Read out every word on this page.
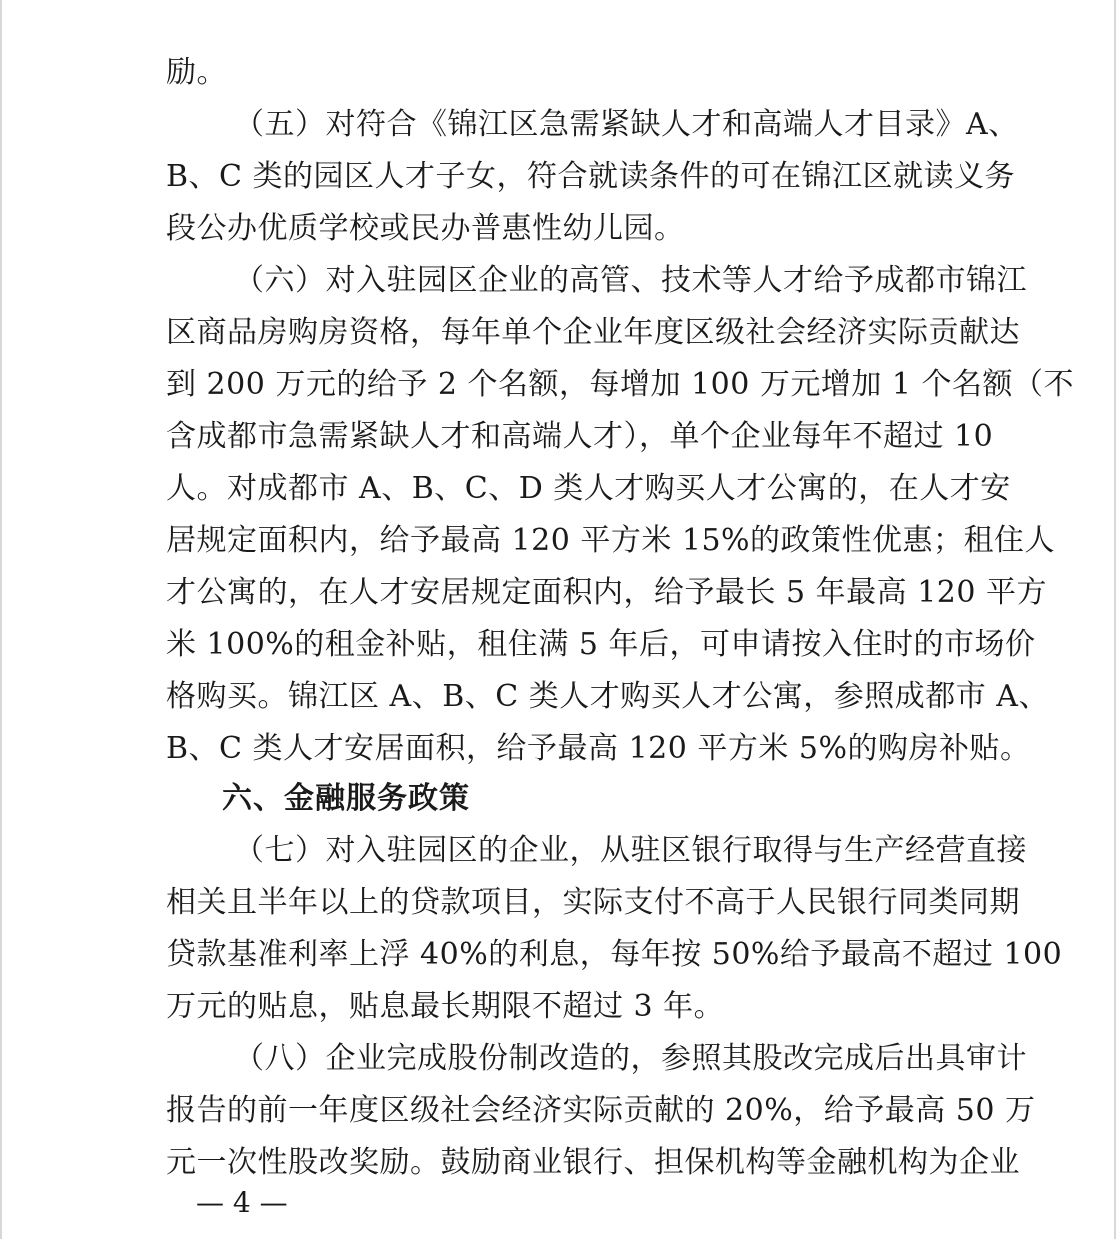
励。
（五）对符合《锦江区急需紧缺人才和高端人才目录》A、
B、C 类的园区人才子女，符合就读条件的可在锦江区就读义务
段公办优质学校或民办普惠性幼儿园。
（六）对入驻园区企业的高管、技术等人才给予成都市锦江
区商品房购房资格，每年单个企业年度区级社会经济实际贡献达
到 200 万元的给予 2 个名额，每增加 100 万元增加 1 个名额（不
含成都市急需紧缺人才和高端人才），单个企业每年不超过 10
人。对成都市 A、B、C、D 类人才购买人才公寓的，在人才安
居规定面积内，给予最高 120 平方米 15%的政策性优惠；租住人
才公寓的，在人才安居规定面积内，给予最长 5 年最高 120 平方
米 100%的租金补贴，租住满 5 年后，可申请按入住时的市场价
格购买。锦江区 A、B、C 类人才购买人才公寓，参照成都市 A、
B、C 类人才安居面积，给予最高 120 平方米 5%的购房补贴。
六、金融服务政策
（七）对入驻园区的企业，从驻区银行取得与生产经营直接
相关且半年以上的贷款项目，实际支付不高于人民银行同类同期
贷款基准利率上浮 40%的利息，每年按 50%给予最高不超过 100
万元的贴息，贴息最长期限不超过 3 年。
（八）企业完成股份制改造的，参照其股改完成后出具审计
报告的前一年度区级社会经济实际贡献的 20%，给予最高 50 万
元一次性股改奖励。鼓励商业银行、担保机构等金融机构为企业
— 4 —
